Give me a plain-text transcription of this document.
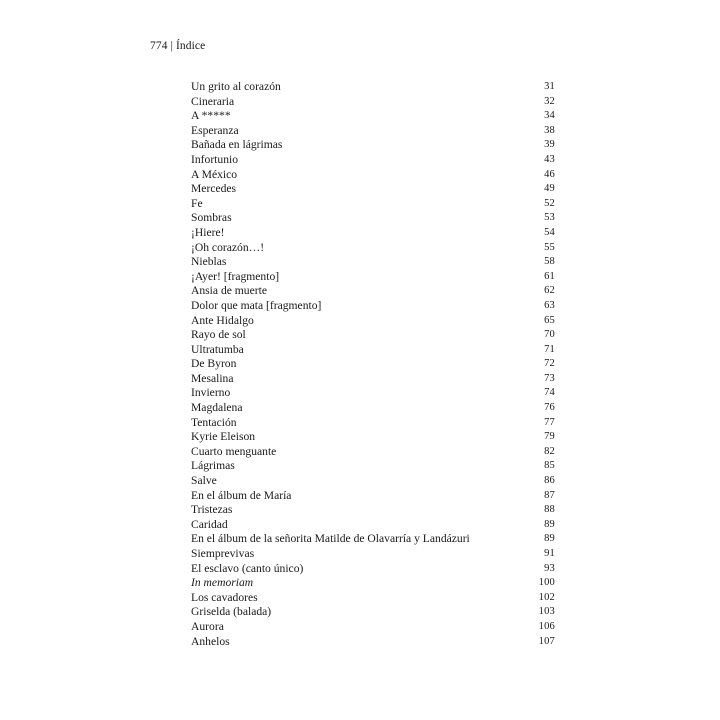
774 | Índice
Un grito al corazón	31
Cineraria	32
A *****	34
Esperanza	38
Bañada en lágrimas	39
Infortunio	43
A México	46
Mercedes	49
Fe	52
Sombras	53
¡Hiere!	54
¡Oh corazón…!	55
Nieblas	58
¡Ayer! [fragmento]	61
Ansia de muerte	62
Dolor que mata [fragmento]	63
Ante Hidalgo	65
Rayo de sol	70
Ultratumba	71
De Byron	72
Mesalina	73
Invierno	74
Magdalena	76
Tentación	77
Kyrie Eleison	79
Cuarto menguante	82
Lágrimas	85
Salve	86
En el álbum de María	87
Tristezas	88
Caridad	89
En el álbum de la señorita Matilde de Olavarría y Landázuri	89
Siemprevivas	91
El esclavo (canto único)	93
In memoriam	100
Los cavadores	102
Griselda (balada)	103
Aurora	106
Anhelos	107
